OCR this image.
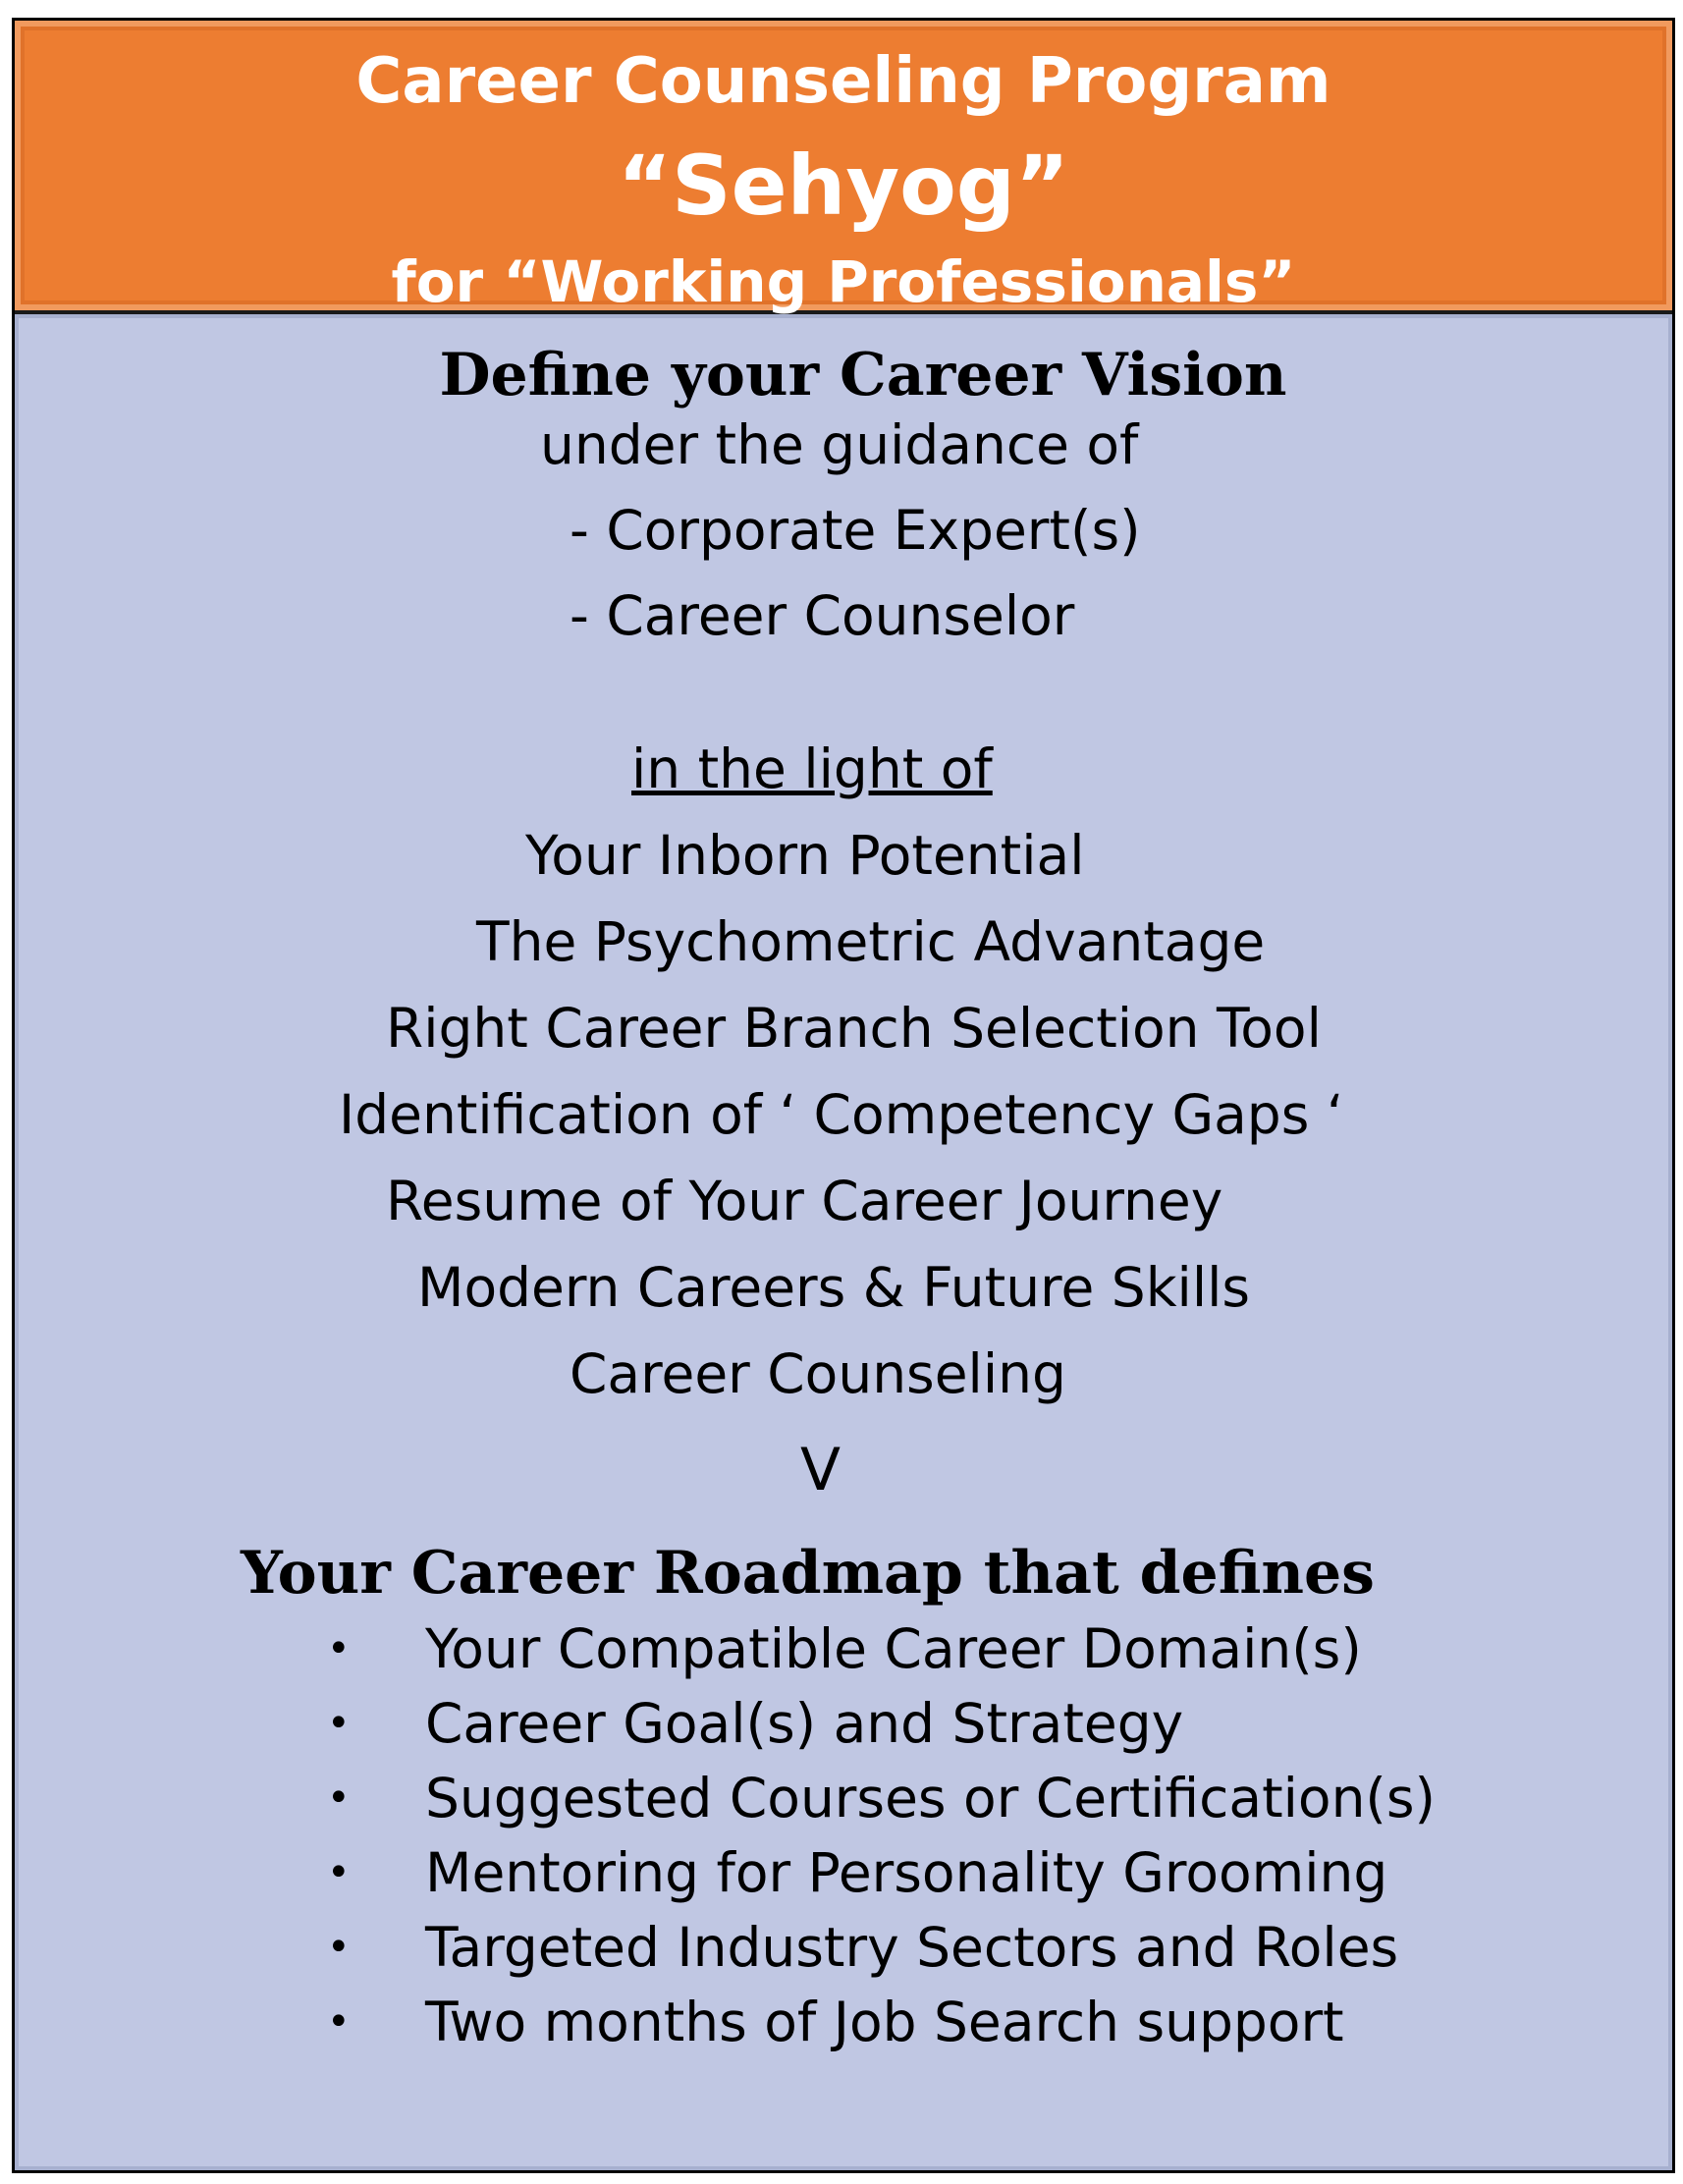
Career Counseling Program
“Sehyog”
for “Working Professionals”
Define your Career Vision
under the guidance of
- Corporate Expert(s)
- Career Counselor
in the light of
Your Inborn Potential
The Psychometric Advantage
Right Career Branch Selection Tool
Identification of ‘ Competency Gaps ‘
Resume of Your Career Journey
Modern Careers & Future Skills
Career Counseling
V
Your Career Roadmap that defines
• Your Compatible Career Domain(s)
• Career Goal(s) and Strategy
• Suggested Courses or Certification(s)
• Mentoring for Personality Grooming
• Targeted Industry Sectors and Roles
• Two months of Job Search support
